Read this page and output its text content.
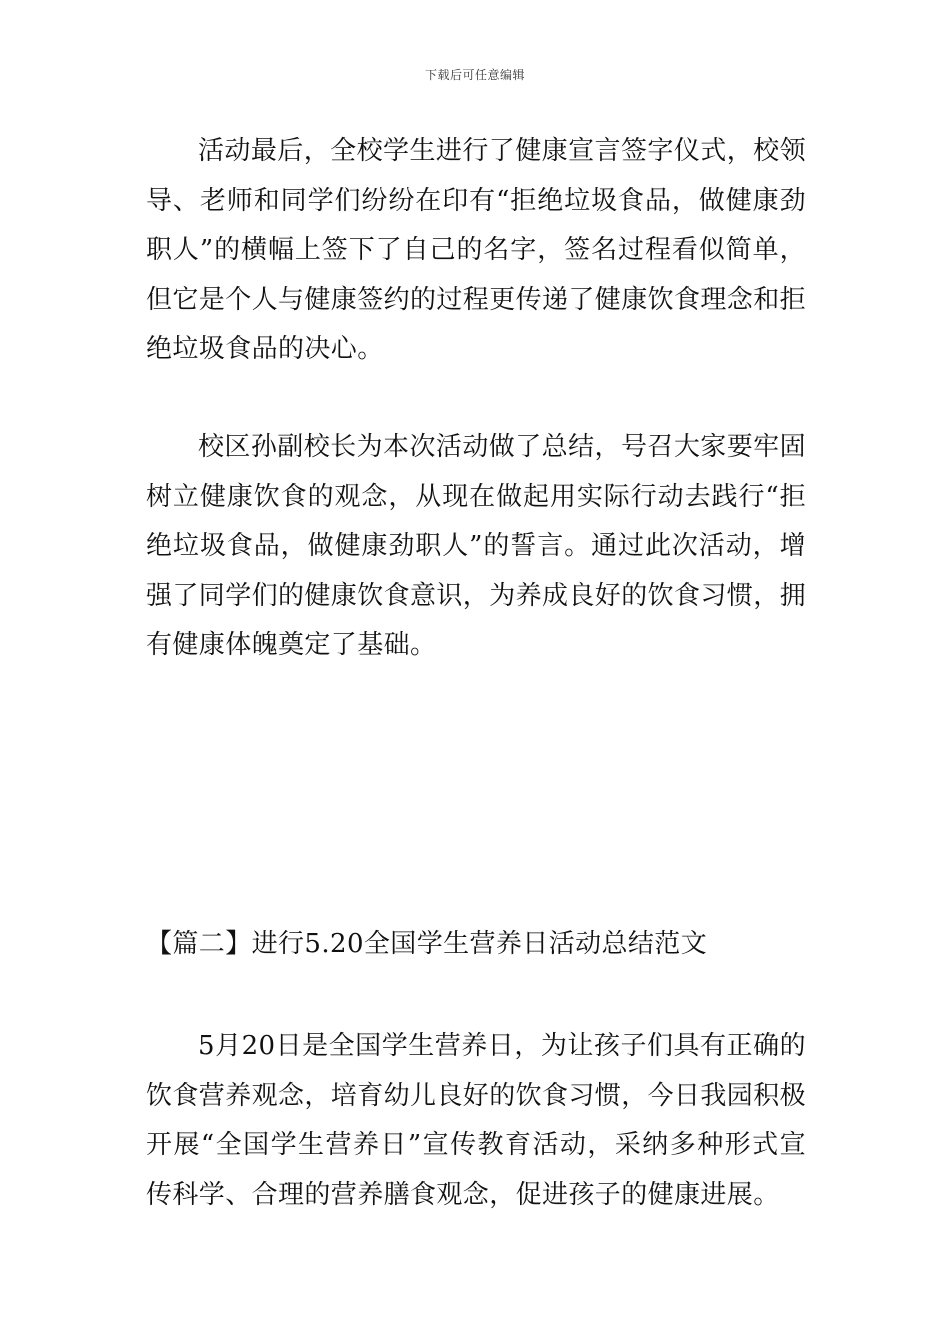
下载后可任意编辑

活动最后，全校学生进行了健康宣言签字仪式，校领导、老师和同学们纷纷在印有“拒绝垃圾食品，做健康劲职人”的横幅上签下了自己的名字，签名过程看似简单，但它是个人与健康签约的过程更传递了健康饮食理念和拒绝垃圾食品的决心。

校区孙副校长为本次活动做了总结，号召大家要牢固树立健康饮食的观念，从现在做起用实际行动去践行“拒绝垃圾食品，做健康劲职人”的誓言。通过此次活动，增强了同学们的健康饮食意识，为养成良好的饮食习惯，拥有健康体魄奠定了基础。

【篇二】进行5.20全国学生营养日活动总结范文

5月20日是全国学生营养日，为让孩子们具有正确的饮食营养观念，培育幼儿良好的饮食习惯，今日我园积极开展“全国学生营养日”宣传教育活动，采纳多种形式宣传科学、合理的营养膳食观念，促进孩子的健康进展。
